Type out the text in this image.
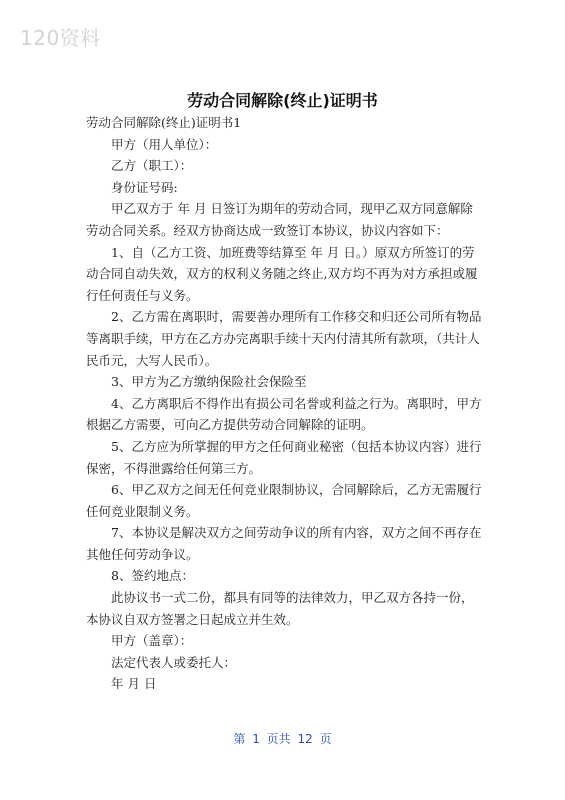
120资料
劳动合同解除(终止)证明书

劳动合同解除(终止)证明书1

甲方（用人单位）：

乙方（职工）：

身份证号码:

甲乙双方于 年 月 日签订为期年的劳动合同，现甲乙双方同意解除劳动合同关系。经双方协商达成一致签订本协议，协议内容如下：

1、自（乙方工资、加班费等结算至 年 月 日。）原双方所签订的劳动合同自动失效，双方的权利义务随之终止,双方均不再为对方承担或履行任何责任与义务。

2、乙方需在离职时，需要善办理所有工作移交和归还公司所有物品等离职手续，甲方在乙方办完离职手续十天内付清其所有款项，（共计人民币元，大写人民币）。

3、甲方为乙方缴纳保险社会保险至

4、乙方离职后不得作出有损公司名誉或利益之行为。离职时，甲方根据乙方需要，可向乙方提供劳动合同解除的证明。

5、乙方应为所掌握的甲方之任何商业秘密（包括本协议内容）进行保密，不得泄露给任何第三方。

6、甲乙双方之间无任何竞业限制协议，合同解除后，乙方无需履行任何竞业限制义务。

7、本协议是解决双方之间劳动争议的所有内容，双方之间不再存在其他任何劳动争议。

8、签约地点：

此协议书一式二份，都具有同等的法律效力，甲乙双方各持一份，本协议自双方签署之日起成立并生效。

甲方（盖章）：

法定代表人或委托人：

年 月 日

第 1 页共 12 页
